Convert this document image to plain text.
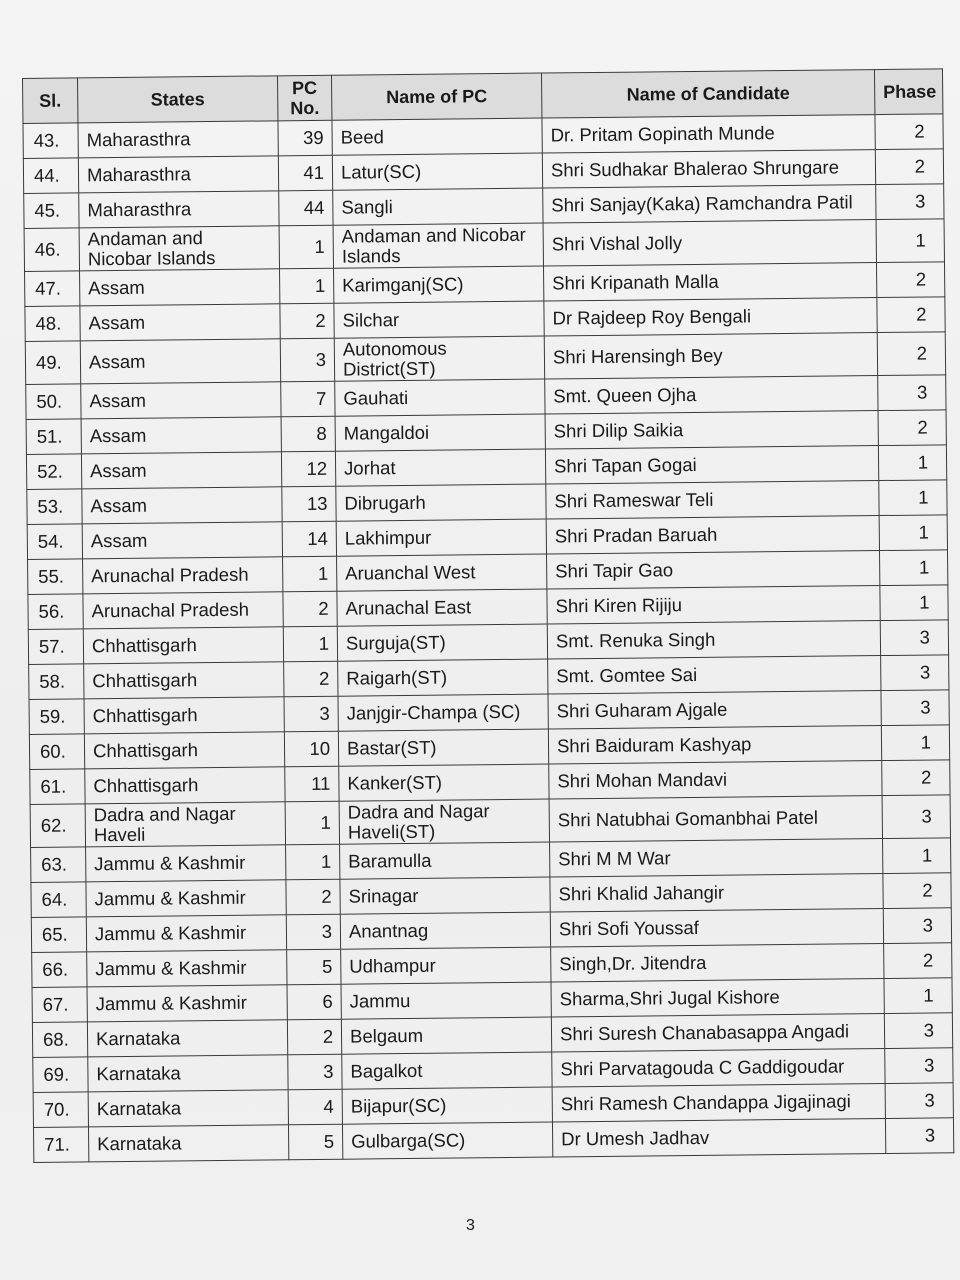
Sl.	States	PC No.	Name of PC	Name of Candidate	Phase
43.	Maharasthra	39	Beed	Dr. Pritam Gopinath Munde	2
44.	Maharasthra	41	Latur(SC)	Shri Sudhakar Bhalerao Shrungare	2
45.	Maharasthra	44	Sangli	Shri Sanjay(Kaka) Ramchandra Patil	3
46.	Andaman and Nicobar Islands	1	Andaman and Nicobar Islands	Shri Vishal Jolly	1
47.	Assam	1	Karimganj(SC)	Shri Kripanath Malla	2
48.	Assam	2	Silchar	Dr Rajdeep Roy Bengali	2
49.	Assam	3	Autonomous District(ST)	Shri Harensingh Bey	2
50.	Assam	7	Gauhati	Smt. Queen Ojha	3
51.	Assam	8	Mangaldoi	Shri Dilip Saikia	2
52.	Assam	12	Jorhat	Shri Tapan Gogai	1
53.	Assam	13	Dibrugarh	Shri Rameswar Teli	1
54.	Assam	14	Lakhimpur	Shri Pradan Baruah	1
55.	Arunachal Pradesh	1	Aruanchal West	Shri Tapir Gao	1
56.	Arunachal Pradesh	2	Arunachal East	Shri Kiren Rijiju	1
57.	Chhattisgarh	1	Surguja(ST)	Smt. Renuka Singh	3
58.	Chhattisgarh	2	Raigarh(ST)	Smt. Gomtee Sai	3
59.	Chhattisgarh	3	Janjgir-Champa (SC)	Shri Guharam Ajgale	3
60.	Chhattisgarh	10	Bastar(ST)	Shri Baiduram Kashyap	1
61.	Chhattisgarh	11	Kanker(ST)	Shri Mohan Mandavi	2
62.	Dadra and Nagar Haveli	1	Dadra and Nagar Haveli(ST)	Shri Natubhai Gomanbhai Patel	3
63.	Jammu & Kashmir	1	Baramulla	Shri M M War	1
64.	Jammu & Kashmir	2	Srinagar	Shri Khalid Jahangir	2
65.	Jammu & Kashmir	3	Anantnag	Shri Sofi Youssaf	3
66.	Jammu & Kashmir	5	Udhampur	Singh,Dr. Jitendra	2
67.	Jammu & Kashmir	6	Jammu	Sharma,Shri Jugal Kishore	1
68.	Karnataka	2	Belgaum	Shri Suresh Chanabasappa Angadi	3
69.	Karnataka	3	Bagalkot	Shri Parvatagouda C Gaddigoudar	3
70.	Karnataka	4	Bijapur(SC)	Shri Ramesh Chandappa Jigajinagi	3
71.	Karnataka	5	Gulbarga(SC)	Dr Umesh Jadhav	3
3
